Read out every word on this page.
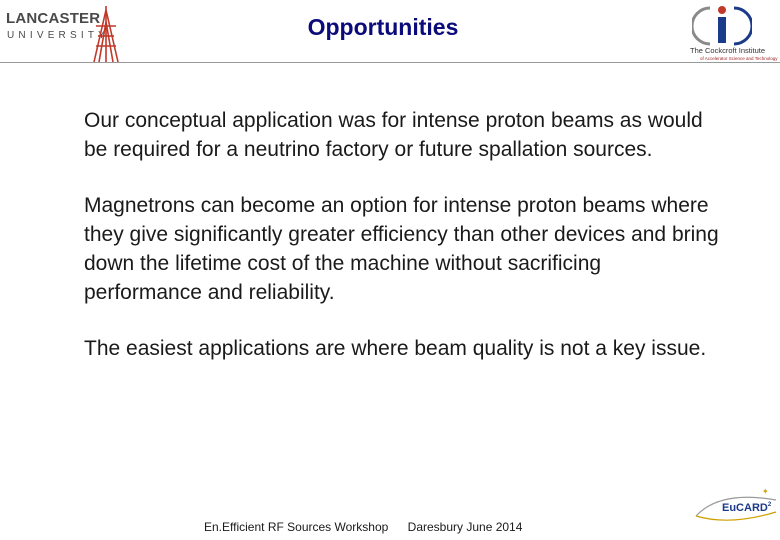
LANCASTER
UNIVERSITY	Opportunities
The Cockcroft Institute
of Accelerator Science and Technology

Our conceptual application was for intense proton beams as would be required for a neutrino factory or future spallation sources.

Magnetrons can become an option for intense proton beams where they give significantly greater efficiency than other devices and bring down the lifetime cost of the machine without sacrificing performance and reliability.

The easiest applications are where beam quality is not a key issue.

En.Efficient RF Sources Workshop Daresbury June 2014
✦
EuCARD$^2$
